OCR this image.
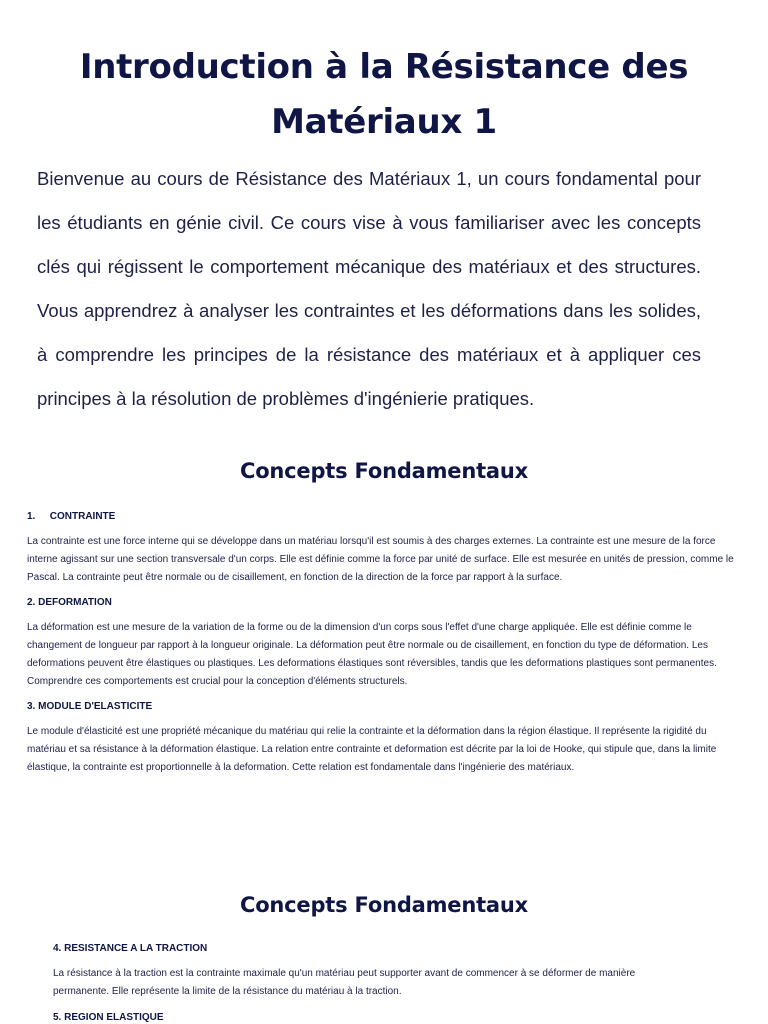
Introduction à la Résistance des Matériaux 1

Bienvenue au cours de Résistance des Matériaux 1, un cours fondamental pour les étudiants en génie civil. Ce cours vise à vous familiariser avec les concepts clés qui régissent le comportement mécanique des matériaux et des structures. Vous apprendrez à analyser les contraintes et les déformations dans les solides, à comprendre les principes de la résistance des matériaux et à appliquer ces principes à la résolution de problèmes d'ingénierie pratiques.

Concepts Fondamentaux
1. CONTRAINTE

La contrainte est une force interne qui se développe dans un matériau lorsqu'il est soumis à des charges externes. La contrainte est une mesure de la force interne agissant sur une section transversale d'un corps. Elle est définie comme la force par unité de surface. Elle est mesurée en unités de pression, comme le Pascal. La contrainte peut être normale ou de cisaillement, en fonction de la direction de la force par rapport à la surface.

2. DEFORMATION

La déformation est une mesure de la variation de la forme ou de la dimension d'un corps sous l'effet d'une charge appliquée. Elle est définie comme le changement de longueur par rapport à la longueur originale. La déformation peut être normale ou de cisaillement, en fonction du type de déformation. Les deformations peuvent être élastiques ou plastiques. Les deformations élastiques sont réversibles, tandis que les deformations plastiques sont permanentes. Comprendre ces comportements est crucial pour la conception d'éléments structurels.

3. MODULE D'ELASTICITE

Le module d'élasticité est une propriété mécanique du matériau qui relie la contrainte et la déformation dans la région élastique. Il représente la rigidité du matériau et sa résistance à la déformation élastique. La relation entre contrainte et deformation est décrite par la loi de Hooke, qui stipule que, dans la limite élastique, la contrainte est proportionnelle à la deformation. Cette relation est fondamentale dans l'ingénierie des matériaux.

Concepts Fondamentaux
4. RESISTANCE A LA TRACTION

La résistance à la traction est la contrainte maximale qu'un matériau peut supporter avant de commencer à se déformer de manière permanente. Elle représente la limite de la résistance du matériau à la traction.

5. REGION ELASTIQUE
